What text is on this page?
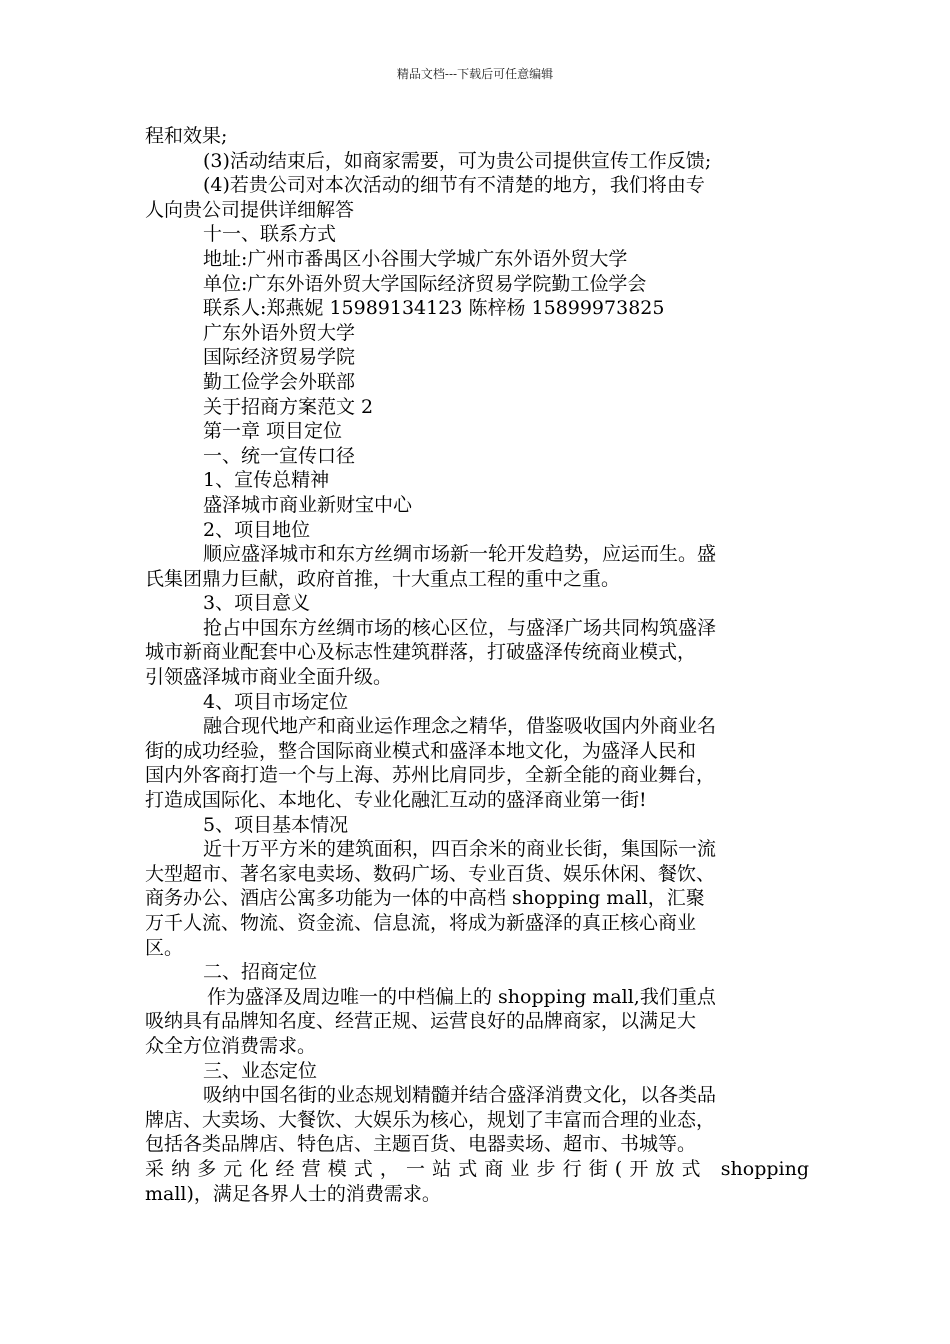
精品文档---下载后可任意编辑
程和效果;
(3)活动结束后，如商家需要，可为贵公司提供宣传工作反馈;
(4)若贵公司对本次活动的细节有不清楚的地方，我们将由专
人向贵公司提供详细解答
十一、联系方式
地址:广州市番禺区小谷围大学城广东外语外贸大学
单位:广东外语外贸大学国际经济贸易学院勤工俭学会
联系人:郑燕妮 15989134123 陈梓杨 15899973825
广东外语外贸大学
国际经济贸易学院
勤工俭学会外联部
关于招商方案范文 2
第一章 项目定位
一、统一宣传口径
1、宣传总精神
盛泽城市商业新财宝中心
2、项目地位
顺应盛泽城市和东方丝绸市场新一轮开发趋势，应运而生。盛
氏集团鼎力巨献，政府首推，十大重点工程的重中之重。
3、项目意义
抢占中国东方丝绸市场的核心区位，与盛泽广场共同构筑盛泽
城市新商业配套中心及标志性建筑群落，打破盛泽传统商业模式，
引领盛泽城市商业全面升级。
4、项目市场定位
融合现代地产和商业运作理念之精华，借鉴吸收国内外商业名
街的成功经验，整合国际商业模式和盛泽本地文化，为盛泽人民和
国内外客商打造一个与上海、苏州比肩同步，全新全能的商业舞台，
打造成国际化、本地化、专业化融汇互动的盛泽商业第一街!
5、项目基本情况
近十万平方米的建筑面积，四百余米的商业长街，集国际一流
大型超市、著名家电卖场、数码广场、专业百货、娱乐休闲、餐饮、
商务办公、酒店公寓多功能为一体的中高档 shopping mall，汇聚
万千人流、物流、资金流、信息流，将成为新盛泽的真正核心商业
区。
二、招商定位
作为盛泽及周边唯一的中档偏上的 shopping mall,我们重点
吸纳具有品牌知名度、经营正规、运营良好的品牌商家，以满足大
众全方位消费需求。
三、业态定位
吸纳中国名街的业态规划精髓并结合盛泽消费文化，以各类品
牌店、大卖场、大餐饮、大娱乐为核心，规划了丰富而合理的业态，
包括各类品牌店、特色店、主题百货、电器卖场、超市、书城等。
采纳多元化经营模式，一站式商业步行街(开放式 shopping
mall)，满足各界人士的消费需求。
